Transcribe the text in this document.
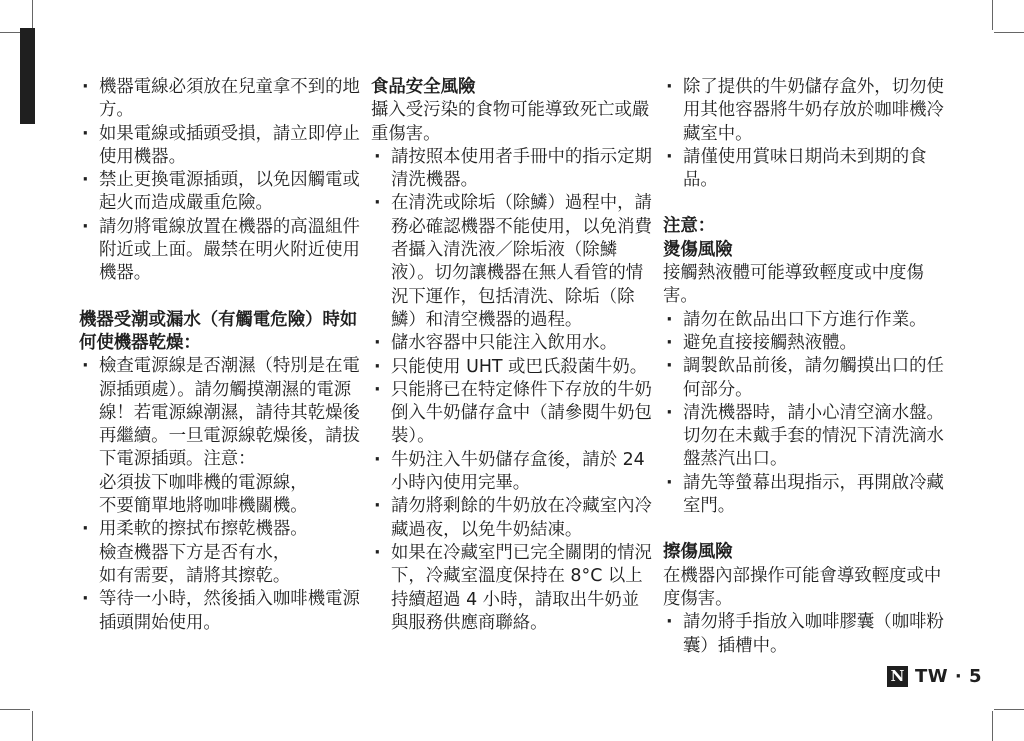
· 機器電線必須放在兒童拿不到的地方。
· 如果電線或插頭受損，請立即停止使用機器。
· 禁止更換電源插頭，以免因觸電或起火而造成嚴重危險。
· 請勿將電線放置在機器的高溫組件附近或上面。嚴禁在明火附近使用機器。

機器受潮或漏水（有觸電危險）時如何使機器乾燥：

· 檢查電源線是否潮濕（特別是在電源插頭處）。請勿觸摸潮濕的電源線！若電源線潮濕，請待其乾燥後再繼續。一旦電源線乾燥後，請拔下電源插頭。注意：
必須拔下咖啡機的電源線，
不要簡單地將咖啡機關機。
· 用柔軟的擦拭布擦乾機器。
檢查機器下方是否有水，
如有需要，請將其擦乾。
· 等待一小時，然後插入咖啡機電源插頭開始使用。

食品安全風險

攝入受污染的食物可能導致死亡或嚴重傷害。

· 請按照本使用者手冊中的指示定期清洗機器。
· 在清洗或除垢（除鱗）過程中，請務必確認機器不能使用，以免消費者攝入清洗液／除垢液（除鱗液）。切勿讓機器在無人看管的情況下運作，包括清洗、除垢（除鱗）和清空機器的過程。
· 儲水容器中只能注入飲用水。
· 只能使用 UHT 或巴氏殺菌牛奶。
· 只能將已在特定條件下存放的牛奶倒入牛奶儲存盒中（請參閱牛奶包裝）。
· 牛奶注入牛奶儲存盒後，請於 24 小時內使用完畢。
· 請勿將剩餘的牛奶放在冷藏室內冷藏過夜，以免牛奶結凍。
· 如果在冷藏室門已完全關閉的情況下，冷藏室溫度保持在 8°C 以上持續超過 4 小時，請取出牛奶並與服務供應商聯絡。
· 除了提供的牛奶儲存盒外，切勿使用其他容器將牛奶存放於咖啡機冷藏室中。
· 請僅使用賞味日期尚未到期的食品。

注意：

燙傷風險

接觸熱液體可能導致輕度或中度傷害。

· 請勿在飲品出口下方進行作業。
· 避免直接接觸熱液體。
· 調製飲品前後，請勿觸摸出口的任何部分。
· 清洗機器時，請小心清空滴水盤。切勿在未戴手套的情況下清洗滴水盤蒸汽出口。
· 請先等螢幕出現指示，再開啟冷藏室門。

擦傷風險

在機器內部操作可能會導致輕度或中度傷害。

· 請勿將手指放入咖啡膠囊（咖啡粉囊）插槽中。
N TW · 5
